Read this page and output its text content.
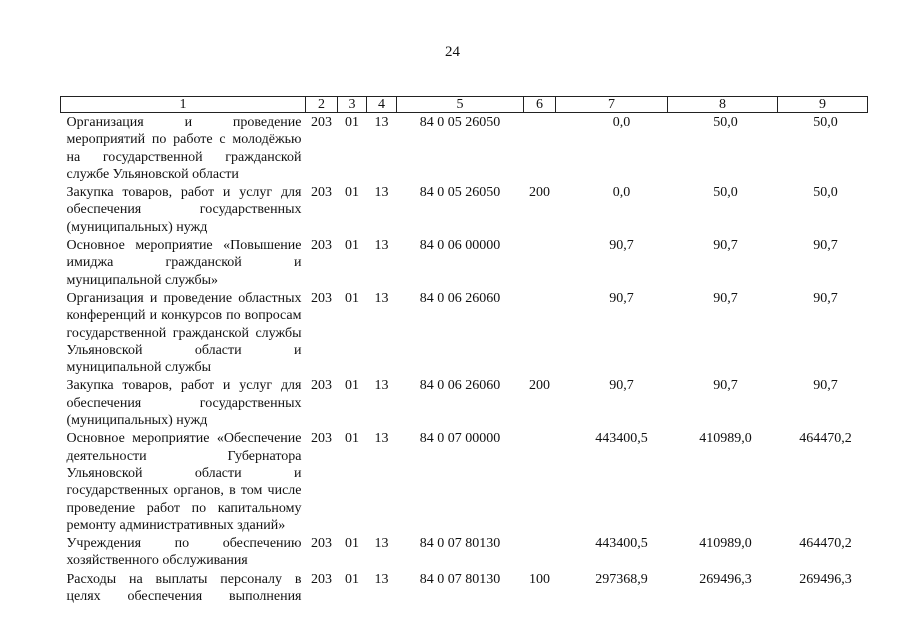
24
1	2	3	4	5	6	7	8	9
Организация и проведение мероприятий по работе с молодёжью на государственной гражданской службе Ульяновской области	203	01	13	84 0 05 26050		0,0	50,0	50,0
Закупка товаров, работ и услуг для обеспечения государственных (муниципальных) нужд	203	01	13	84 0 05 26050	200	0,0	50,0	50,0
Основное мероприятие «Повышение имиджа гражданской и муниципальной службы»	203	01	13	84 0 06 00000		90,7	90,7	90,7
Организация и проведение областных конференций и конкурсов по вопросам государственной гражданской службы Ульяновской области и муниципальной службы	203	01	13	84 0 06 26060		90,7	90,7	90,7
Закупка товаров, работ и услуг для обеспечения государственных (муниципальных) нужд	203	01	13	84 0 06 26060	200	90,7	90,7	90,7
Основное мероприятие «Обеспечение деятельности Губернатора Ульяновской области и государственных органов, в том числе проведение работ по капитальному ремонту административных зданий»	203	01	13	84 0 07 00000		443400,5	410989,0	464470,2
Учреждения по обеспечению хозяйственного обслуживания	203	01	13	84 0 07 80130		443400,5	410989,0	464470,2
Расходы на выплаты персоналу в целях обеспечения выполнения	203	01	13	84 0 07 80130	100	297368,9	269496,3	269496,3
